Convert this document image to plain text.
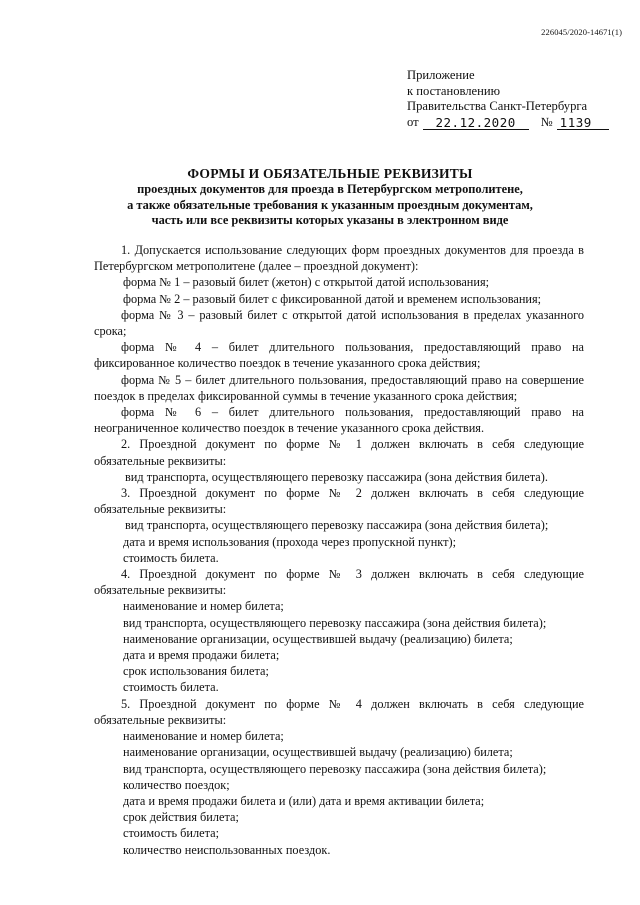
226045/2020-14671(1)
Приложение
к постановлению
Правительства Санкт-Петербурга
от	22.12.2020	№ 1139
ФОРМЫ И ОБЯЗАТЕЛЬНЫЕ РЕКВИЗИТЫ
проездных документов для проезда в Петербургском метрополитене,
а также обязательные требования к указанным проездным документам,
часть или все реквизиты которых указаны в электронном виде

1. Допускается использование следующих форм проездных документов для проезда в Петербургском метрополитене (далее – проездной документ):

форма № 1 – разовый билет (жетон) с открытой датой использования;
форма № 2 – разовый билет с фиксированной датой и временем использования;

форма № 3 – разовый билет с открытой датой использования в пределах указанного срока;

форма № 4 – билет длительного пользования, предоставляющий право на фиксированное количество поездок в течение указанного срока действия;

форма № 5 – билет длительного пользования, предоставляющий право на совершение поездок в пределах фиксированной суммы в течение указанного срока действия;

форма № 6 – билет длительного пользования, предоставляющий право на неограниченное количество поездок в течение указанного срока действия.

2. Проездной документ по форме № 1 должен включать в себя следующие обязательные реквизиты:

вид транспорта, осуществляющего перевозку пассажира (зона действия билета).

3. Проездной документ по форме № 2 должен включать в себя следующие обязательные реквизиты:

вид транспорта, осуществляющего перевозку пассажира (зона действия билета);
дата и время использования (прохода через пропускной пункт);
стоимость билета.

4. Проездной документ по форме № 3 должен включать в себя следующие обязательные реквизиты:

наименование и номер билета;
вид транспорта, осуществляющего перевозку пассажира (зона действия билета);
наименование организации, осуществившей выдачу (реализацию) билета;
дата и время продажи билета;
срок использования билета;
стоимость билета.

5. Проездной документ по форме № 4 должен включать в себя следующие обязательные реквизиты:

наименование и номер билета;
наименование организации, осуществившей выдачу (реализацию) билета;
вид транспорта, осуществляющего перевозку пассажира (зона действия билета);
количество поездок;
дата и время продажи билета и (или) дата и время активации билета;
срок действия билета;
стоимость билета;
количество неиспользованных поездок.
